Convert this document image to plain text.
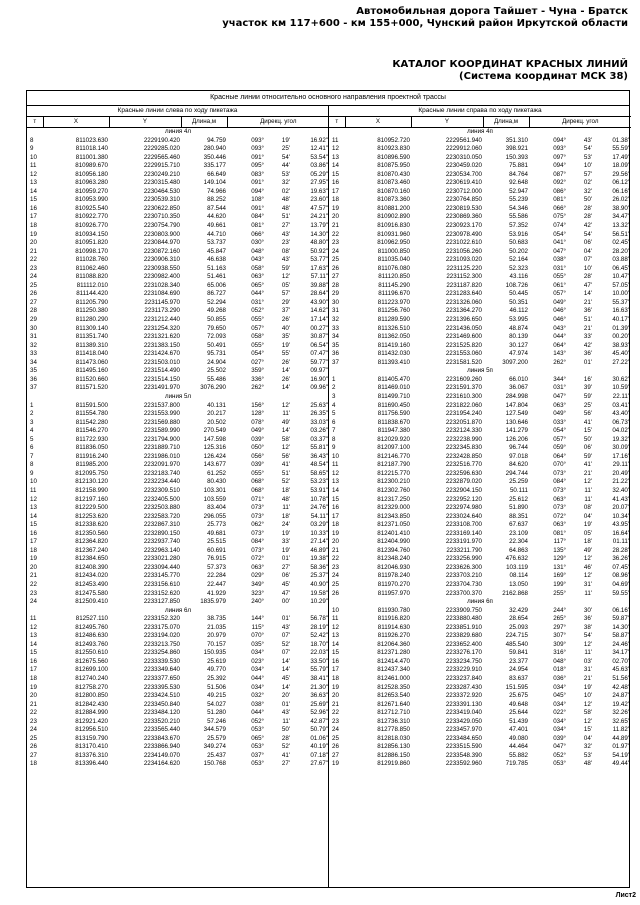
Автомобильная дорога Тайшет - Чуна - Братск
участок км 117+600 - км 155+000, Чунский район Иркутской области
КАТАЛОГ КООРДИНАТ КРАСНЫХ ЛИНИЙ
(Система координат МСК 38)
Красные линии относительно основного направления проектной трассы
Красные линии слева по ходу пикетажа
т	X	Y	Длина,м	Дирекц. угол		
линия 4л						
8	811023.630	2229190.420	94.759	093°	19'	16.92"
9	811018.140	2229285.020	280.940	093°	25'	12.41"
10	811001.380	2229565.460	350.446	091°	54'	53.54"
11	810989.670	2229915.710	335.177	095°	44'	03.86"
12	810956.180	2230249.210	66.649	083°	53'	05.29"
13	810963.280	2230315.480	149.104	091°	32'	27.95"
14	810959.270	2230464.530	74.966	094°	02'	19.63"
15	810953.990	2230539.310	88.252	108°	48'	23.60"
16	810925.540	2230622.850	87.544	091°	48'	47.57"
17	810922.770	2230710.350	44.620	084°	51'	24.21"
18	810926.770	2230754.790	49.661	081°	27'	13.79"
19	810934.150	2230803.900	44.710	066°	43'	14.30"
20	810951.820	2230844.970	53.737	030°	23'	48.80"
21	810998.170	2230872.160	45.847	048°	08'	50.92"
22	811028.760	2230906.310	46.638	043°	43'	53.77"
23	811062.460	2230938.550	51.163	058°	59'	17.63"
24	811088.820	2230982.400	51.461	063°	12'	57.11"
25	811112.010	2231028.340	65.006	065°	05'	39.88"
26	811144.420	2231084.690	86.727	044°	57'	28.64"
27	811205.790	2231145.970	52.294	031°	29'	43.90"
28	811250.380	2231173.290	49.268	052°	37'	14.62"
29	811280.290	2231212.440	50.855	055°	26'	17.14"
30	811309.140	2231254.320	79.650	057°	40'	00.27"
31	811351.740	2231321.620	72.093	058°	35'	30.87"
32	811389.310	2231383.150	50.491	055°	19'	06.54"
33	811418.040	2231424.670	95.731	054°	55'	07.47"
34	811473.060	2231503.010	24.904	027°	26'	59.77"
35	811495.160	2231514.490	25.502	359°	14'	09.97"
36	811520.660	2231514.150	55.486	336°	26'	16.90"
37	811571.520	2231491.970	3076.290	262°	14'	09.96"
линия 5л						
1	811591.500	2231537.800	40.131	156°	12'	25.63"
2	811554.780	2231553.990	20.217	128°	11'	26.35"
3	811542.280	2231569.880	20.502	078°	49'	33.03"
4	811546.270	2231589.990	270.549	049°	14'	03.26"
5	811722.930	2231794.900	147.598	039°	58'	03.37"
6	811836.050	2231889.710	125.316	050°	12'	55.81"
7	811916.240	2231986.010	126.424	056°	56'	36.43"
8	811985.200	2232091.970	143.677	039°	41'	48.54"
9	812095.750	2232183.740	61.252	055°	51'	58.65"
10	812130.120	2232234.440	80.430	068°	52'	53.23"
11	812158.990	2232309.510	103.301	068°	18'	53.91"
12	812197.160	2232405.500	103.559	071°	48'	10.78"
13	812229.500	2232503.880	83.404	073°	11'	24.76"
14	812253.620	2232583.720	296.055	073°	18'	54.11"
15	812338.620	2232867.310	25.773	062°	24'	03.29"
16	812350.560	2232890.150	49.681	073°	19'	10.33"
17	812364.820	2232937.740	25.515	084°	33'	27.14"
18	812367.240	2232963.140	60.691	073°	19'	46.89"
19	812384.650	2233021.280	76.915	072°	01'	19.38"
20	812408.390	2233094.440	57.373	063°	27'	58.36"
21	812434.020	2233145.770	22.284	029°	06'	25.37"
22	812453.490	2233156.610	22.447	349°	45'	40.90"
23	812475.580	2233152.620	41.929	323°	47'	19.58"
24	812509.410	2233127.850	1835.979	240°	00'	10.29"
линия 6л						
11	812527.110	2233152.320	38.735	144°	01'	56.78"
12	812495.760	2233175.070	21.035	115°	43'	28.19"
13	812486.630	2233194.020	20.979	070°	07'	52.42"
14	812493.760	2233213.750	70.157	035°	52'	18.70"
15	812550.610	2233254.860	150.935	034°	07'	22.03"
16	812675.560	2233339.530	25.619	023°	14'	33.50"
17	812699.100	2233349.640	49.770	034°	14'	55.79"
18	812740.240	2233377.650	25.392	044°	45'	38.41"
19	812758.270	2233395.530	51.506	034°	14'	21.30"
20	812800.850	2233424.510	49.215	032°	20'	36.63"
21	812842.430	2233450.840	54.027	038°	01'	25.69"
22	812884.990	2233484.120	51.280	044°	43'	52.96"
23	812921.420	2233520.210	57.246	052°	11'	42.87"
24	812956.510	2233565.440	344.579	053°	50'	50.79"
25	813159.790	2233843.670	25.579	065°	28'	01.06"
26	813170.410	2233866.940	349.274	053°	52'	40.19"
27	813376.310	2234149.070	25.437	037°	41'	07.18"
18	813396.440	2234164.620	150.768	053°	27'	27.67"
Красные линии справа по ходу пикетажа
т	X	Y	Длина,м	Дирекц. угол		
линия 4п						
11	810952.720	2229561.940	351.310	094°	43'	01.38"
12	810923.830	2229912.060	398.921	093°	54'	55.59"
13	810896.590	2230310.050	150.393	097°	53'	17.49"
14	810875.950	2230459.020	75.881	094°	10'	18.09"
15	810870.430	2230534.700	84.764	087°	57'	29.56"
16	810873.460	2230619.410	92.648	092°	02'	06.12"
17	810870.160	2230712.000	52.947	086°	32'	06.16"
18	810873.360	2230764.850	55.239	081°	50'	26.02"
19	810881.200	2230819.530	54.346	066°	28'	38.90"
20	810902.890	2230869.360	55.586	075°	28'	34.47"
21	810916.830	2230923.170	57.352	074°	42'	13.32"
22	810931.960	2230978.490	53.916	054°	54'	56.51"
23	810962.950	2231022.610	50.683	041°	06'	02.45"
24	811000.850	2231056.260	50.202	047°	04'	28.20"
25	811035.040	2231093.020	52.164	038°	07'	03.88"
26	811076.080	2231125.220	52.323	031°	10'	06.45"
27	811120.850	2231152.300	43.116	055°	28'	10.47"
28	811145.290	2231187.820	108.726	061°	47'	57.05"
29	811196.670	2231283.640	50.445	057°	14'	10.00"
30	811223.970	2231326.060	50.351	049°	21'	55.37"
31	811256.760	2231364.270	46.112	046°	36'	16.63"
32	811289.590	2231396.650	53.995	046°	51'	40.17"
33	811326.510	2231436.050	48.874	043°	21'	01.39"
34	811362.050	2231469.600	80.139	044°	33'	00.20"
35	811419.160	2231525.820	30.127	064°	42'	38.93"
36	811432.030	2231553.060	47.974	143°	36'	45.40"
37	811393.410	2231581.520	3097.200	262°	01'	27.22"
линия 5п						
1	811405.470	2231609.260	66.010	344°	16'	30.62"
2	811469.010	2231591.370	36.067	031°	39'	10.59"
3	811499.710	2231610.300	284.998	047°	59'	22.11"
4	811690.450	2231822.060	147.804	063°	25'	03.41"
5	811756.590	2231954.240	127.549	049°	56'	43.40"
6	811838.670	2232051.870	130.646	033°	41'	06.73"
7	811947.380	2232124.330	141.279	054°	15'	04.02"
8	812029.920	2232238.990	126.206	057°	50'	19.32"
9	812097.100	2232345.830	96.744	059°	06'	30.09"
10	812146.770	2232428.850	97.018	064°	59'	17.16"
11	812187.790	2232516.770	84.620	070°	41'	29.11"
12	812215.770	2232596.630	294.744	073°	21'	20.49"
13	812300.210	2232879.020	25.259	084°	12'	21.22"
14	812302.760	2232904.150	50.111	073°	11'	32.40"
15	812317.250	2232952.120	25.612	063°	11'	41.43"
16	812329.000	2232974.980	51.890	073°	08'	20.07"
17	812343.850	2233024.640	88.351	072°	04'	10.34"
18	812371.050	2233108.700	67.637	063°	19'	43.95"
19	812401.410	2233169.140	23.109	081°	05'	16.64"
20	812404.990	2233191.970	22.304	117°	18'	01.11"
21	812394.760	2233211.790	64.863	135°	49'	28.28"
22	812348.240	2233256.990	476.632	129°	12'	36.26"
23	812046.930	2233626.300	103.119	131°	46'	07.45"
24	811978.240	2233703.210	08.114	169°	12'	08.96"
25	811970.270	2233704.730	13.050	199°	31'	04.69"
26	811957.970	2233700.370	2162.868	255°	11'	59.55"
линия 6п						
10	811930.780	2233909.750	32.429	244°	30'	06.16"
11	811916.820	2233880.480	28.654	265°	36'	59.87"
12	811914.630	2233851.910	25.093	297°	38'	14.30"
13	811926.270	2233829.680	224.715	307°	54'	58.87"
14	812064.360	2233652.400	485.540	309°	12'	24.46"
15	812371.280	2233276.170	59.841	316°	11'	34.17"
16	812414.470	2233234.750	23.377	048°	03'	02.70"
17	812437.340	2233229.910	24.954	018°	31'	45.63"
18	812461.000	2233237.840	83.637	036°	21'	51.56"
19	812528.350	2233287.430	151.595	034°	19'	42.48"
20	812653.540	2233372.920	25.675	045°	10'	24.87"
21	812671.640	2233391.130	49.648	034°	12'	19.42"
22	812712.710	2233419.040	25.644	022°	58'	32.26"
23	812736.310	2233429.050	51.439	034°	12'	32.65"
24	812778.850	2233457.970	47.401	034°	15'	11.82"
25	812818.030	2233484.650	49.080	039°	04'	44.89"
26	812856.130	2233515.590	44.464	047°	32'	01.97"
27	812886.150	2233548.390	55.882	052°	53'	54.19"
19	812919.860	2233592.960	719.785	053°	48'	49.44"
Лист2
